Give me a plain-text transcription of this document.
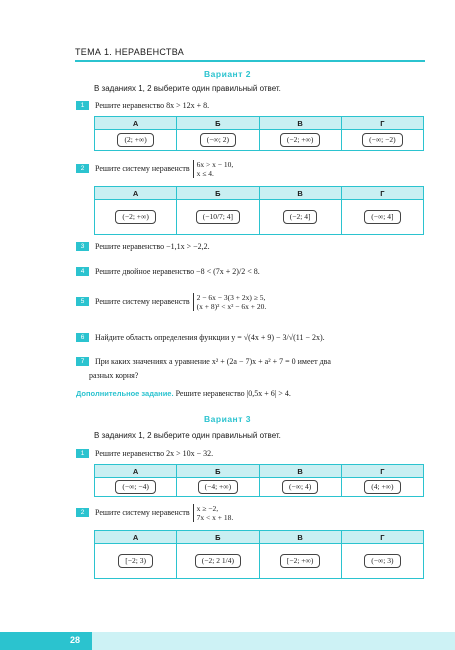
ТЕМА 1. НЕРАВЕНСТВА
Вариант 2
В заданиях 1, 2 выберите один правильный ответ.
1	Решите неравенство 8x > 12x + 8.
А	Б	В	Г
(2; +∞)	(−∞; 2)	(−2; +∞)	(−∞; −2)
2	Решите систему неравенств 6x > x − 10,
x ≤ 4.
А	Б	В	Г
(−2; +∞)	(−10/7; 4]	(−2; 4]	(−∞; 4]
3	Решите неравенство −1,1x > −2,2.
4	Решите двойное неравенство −8 < (7x + 2)/2 < 8.
5	Решите систему неравенств 2 − 6x − 3(3 + 2x) ≥ 5,
(x + 8)² < x² − 6x + 20.
6	Найдите область определения функции y = √(4x + 9) − 3/√(11 − 2x).
7	При каких значениях a уравнение x² + (2a − 7)x + a² + 7 = 0 имеет два
разных корня?
Дополнительное задание. Решите неравенство |0,5x + 6| > 4.
Вариант 3
В заданиях 1, 2 выберите один правильный ответ.
1	Решите неравенство 2x > 10x − 32.
А	Б	В	Г
(−∞; −4)	(−4; +∞)	(−∞; 4)	(4; +∞)
2	Решите систему неравенств x ≥ −2,
7x < x + 18.
А	Б	В	Г
[−2; 3)	(−2; 2 1/4)	[−2; +∞)	(−∞; 3)
28
